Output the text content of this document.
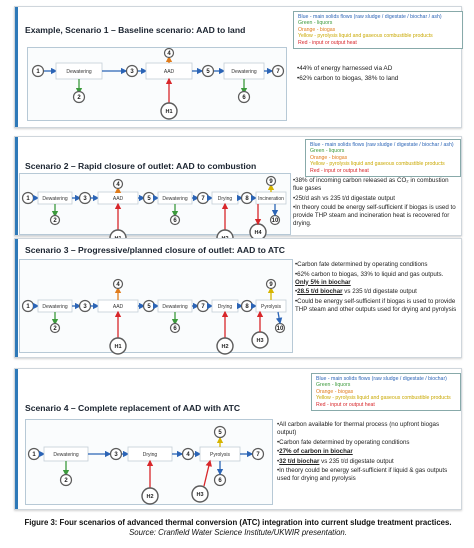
Example, Scenario 1 – Baseline scenario: AAD to land
Blue - main solids flows (raw sludge / digestate / biochar / ash)
Green - liquors
Orange - biogas
Yellow - pyrolysis liquid and gaseous combustible products
Red - input or output heat
1	Dewatering	3	AAD	5	Dewatering	7
2
4
H1
6
•44% of energy harnessed via AD
•62% carbon to biogas, 38% to land
Scenario 2 – Rapid closure of outlet: AAD to combustion
Blue - main solids flows (raw sludge / digestate / biochar / ash)
Green - liquors
Orange - biogas
Yellow - pyrolysis liquid and gaseous combustible products
Red - input or output heat
1	Dewatering	3	AAD	5 Dewatering 7	Drying 8 Incineration
2
4
6
9
10
H4
•38% of incoming carbon released as CO₂ in combustion flue gases
•25t/d ash vs 235 t/d digestate output
•In theory could be energy self-sufficient if biogas is used to provide THP steam and incineration heat is recovered for drying.
Scenario 3 – Progressive/planned closure of outlet: AAD to ATC
1	Dewatering	3	AAD	5 Dewatering 7	Drying 8 Pyrolysis
2
4
H1
6
H2
9
10
H3
•Carbon fate determined by operating conditions
•62% carbon to biogas, 33% to liquid and gas outputs. Only 5% in biochar
•28.5 t/d biochar vs 235 t/d digestate output
•Could be energy self-sufficient if biogas is used to provide THP steam and other outputs used for drying and pyrolysis
Scenario 4 – Complete replacement of AAD with ATC
Blue - main solids flows (raw sludge / digestate / biochar)
Green - liquors
Orange - biogas
Yellow - pyrolysis liquid and gaseous combustible products
Red - input or output heat
1	Dewatering	3	Drying	4	Pyrolysis	7
2
H2
5
6
H3
•All carbon available for thermal process (no upfront biogas output)
•Carbon fate determined by operating conditions
•27% of carbon in biochar
•32 t/d biochar vs 235 t/d digestate output
•In theory could be energy self-sufficient if liquid & gas outputs used for drying and pyrolysis
Figure 3: Four scenarios of advanced thermal conversion (ATC) integration into current sludge treatment practices. Source: Cranfield Water Science Institute/UKWIR presentation.
